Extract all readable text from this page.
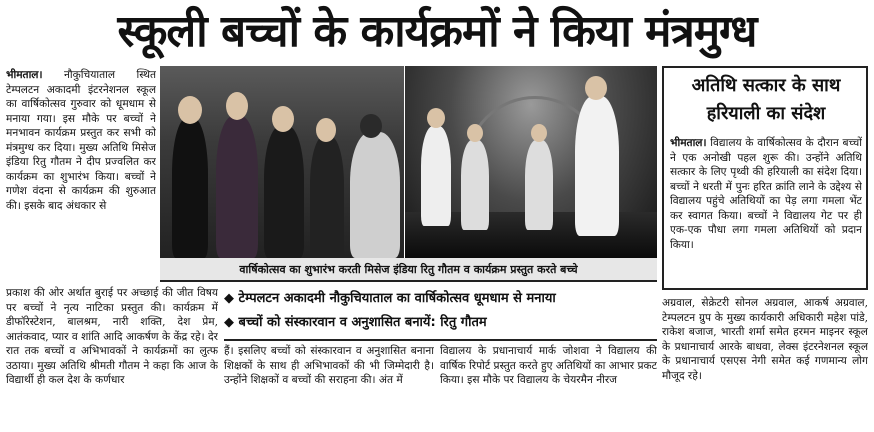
स्कूली बच्चों के कार्यक्रमों ने किया मंत्रमुग्ध
भीमताल। नौकुचियाताल स्थित टेम्पलटन अकादमी इंटरनेशनल स्कूल का वार्षिकोत्सव गुरुवार को धूमधाम से मनाया गया। इस मौके पर बच्चों ने मनभावन कार्यक्रम प्रस्तुत कर सभी को मंत्रमुग्ध कर दिया। मुख्य अतिथि मिसेज इंडिया रितु गौतम ने दीप प्रज्वलित कर कार्यक्रम का शुभारंभ किया। बच्चों ने गणेश वंदना से कार्यक्रम की शुरुआत की। इसके बाद अंधकार से
वार्षिकोत्सव का शुभारंभ करती मिसेज इंडिया रितु गौतम व कार्यक्रम प्रस्तुत करते बच्चे
अतिथि सत्कार के साथ हरियाली का संदेश
भीमताल। विद्यालय के वार्षिकोत्सव के दौरान बच्चों ने एक अनोखी पहल शुरू की। उन्होंने अतिथि सत्कार के लिए पृथ्वी की हरियाली का संदेश दिया। बच्चों ने धरती में पुनः हरित क्रांति लाने के उद्देश्य से विद्यालय पहुंचे अतिथियों का पेड़ लगा गमला भेंट कर स्वागत किया। बच्चों ने विद्यालय गेट पर ही एक-एक पौधा लगा गमला अतिथियों को प्रदान किया।
प्रकाश की ओर अर्थात बुराई पर अच्छाई की जीत विषय पर बच्चों ने नृत्य नाटिका प्रस्तुत की। कार्यक्रम में डीफॉरेस्टेशन, बालश्रम, नारी शक्ति, देश प्रेम, आतंकवाद, प्यार व शांति आदि आकर्षण के केंद्र रहे। देर रात तक बच्चों व अभिभावकों ने कार्यक्रमों का लुत्फ उठाया। मुख्य अतिथि श्रीमती गौतम ने कहा कि आज के विद्यार्थी ही कल देश के कर्णधार
◆ टेम्पलटन अकादमी नौकुचियाताल का वार्षिकोत्सव धूमधाम से मनाया
◆ बच्चों को संस्कारवान व अनुशासित बनायें: रितु गौतम
हैं। इसलिए बच्चों को संस्कारवान व अनुशासित बनाना शिक्षकों के साथ ही अभिभावकों की भी जिम्मेदारी है। उन्होंने शिक्षकों व बच्चों की सराहना की। अंत में
विद्यालय के प्रधानाचार्य मार्क जोशवा ने विद्यालय की वार्षिक रिपोर्ट प्रस्तुत करते हुए अतिथियों का आभार प्रकट किया। इस मौके पर विद्यालय के चेयरमैन नीरज
अग्रवाल, सेक्रेटरी सोनल अग्रवाल, आकर्ष अग्रवाल, टेम्पलटन ग्रुप के मुख्य कार्यकारी अधिकारी महेश पांडे, राकेश बजाज, भारती शर्मा समेत हरमन माइनर स्कूल के प्रधानाचार्य आरके बाधवा, लेक्स इंटरनेशनल स्कूल के प्रधानाचार्य एसएस नेगी समेत कई गणमान्य लोग मौजूद रहे।
